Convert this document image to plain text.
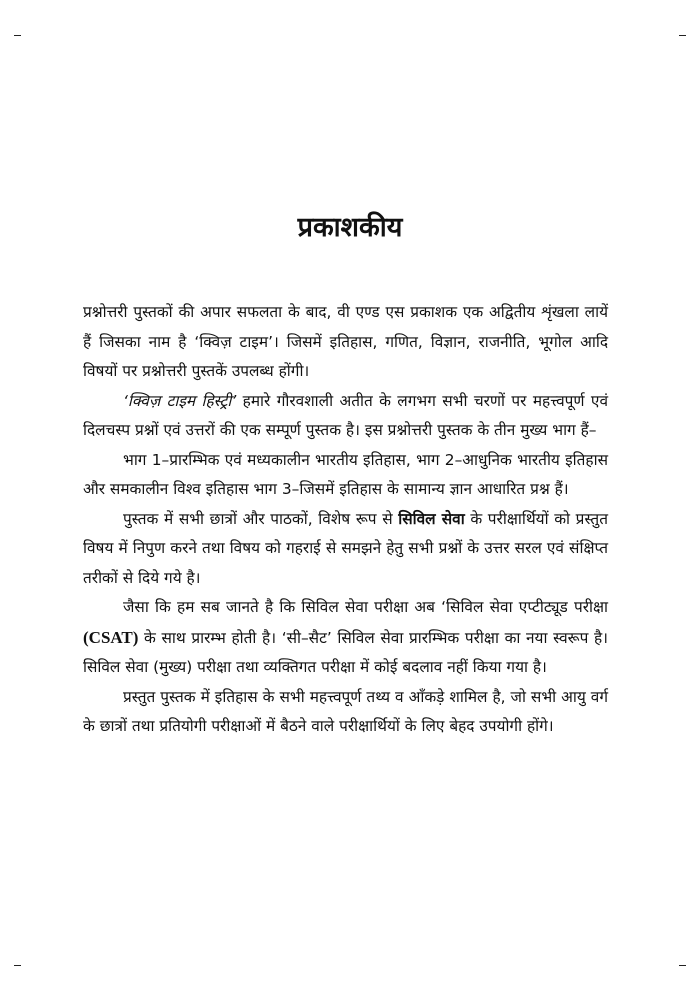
प्रकाशकीय

प्रश्नोत्तरी पुस्तकों की अपार सफलता के बाद, वी एण्ड एस प्रकाशक एक अद्वितीय शृंखला लायें हैं जिसका नाम है ‘क्विज़ टाइम’। जिसमें इतिहास, गणित, विज्ञान, राजनीति, भूगोल आदि विषयों पर प्रश्नोत्तरी पुस्तकें उपलब्ध होंगी।

‘क्विज़ टाइम हिस्ट्री’ हमारे गौरवशाली अतीत के लगभग सभी चरणों पर महत्त्वपूर्ण एवं दिलचस्प प्रश्नों एवं उत्तरों की एक सम्पूर्ण पुस्तक है। इस प्रश्नोत्तरी पुस्तक के तीन मुख्य भाग हैं–

भाग 1–प्रारम्भिक एवं मध्यकालीन भारतीय इतिहास, भाग 2–आधुनिक भारतीय इतिहास और समकालीन विश्व इतिहास भाग 3–जिसमें इतिहास के सामान्य ज्ञान आधारित प्रश्न हैं।

पुस्तक में सभी छात्रों और पाठकों, विशेष रूप से सिविल सेवा के परीक्षार्थियों को प्रस्तुत विषय में निपुण करने तथा विषय को गहराई से समझने हेतु सभी प्रश्नों के उत्तर सरल एवं संक्षिप्त तरीकों से दिये गये है।

जैसा कि हम सब जानते है कि सिविल सेवा परीक्षा अब ‘सिविल सेवा एप्टीट्यूड परीक्षा (CSAT) के साथ प्रारम्भ होती है। ‘सी–सैट’ सिविल सेवा प्रारम्भिक परीक्षा का नया स्वरूप है। सिविल सेवा (मुख्य) परीक्षा तथा व्यक्तिगत परीक्षा में कोई बदलाव नहीं किया गया है।

प्रस्तुत पुस्तक में इतिहास के सभी महत्त्वपूर्ण तथ्य व आँकड़े शामिल है, जो सभी आयु वर्ग के छात्रों तथा प्रतियोगी परीक्षाओं में बैठने वाले परीक्षार्थियों के लिए बेहद उपयोगी होंगे।
